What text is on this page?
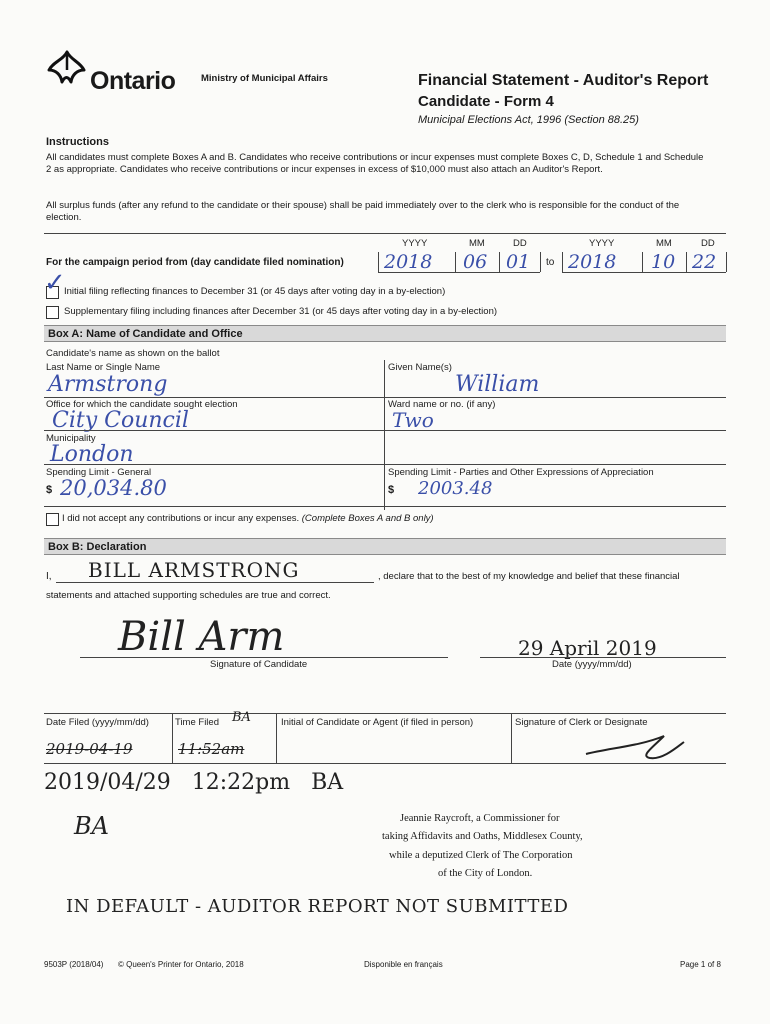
Ontario	Ministry of Municipal Affairs	Financial Statement - Auditor's Report
Candidate - Form 4
Municipal Elections Act, 1996 (Section 88.25)
Instructions
All candidates must complete Boxes A and B. Candidates who receive contributions or incur expenses must complete Boxes C, D, Schedule 1 and Schedule 2 as appropriate. Candidates who receive contributions or incur expenses in excess of $10,000 must also attach an Auditor's Report.
All surplus funds (after any refund to the candidate or their spouse) shall be paid immediately over to the clerk who is responsible for the conduct of the election.
YYYY	MM	DD	YYYY	MM	DD
For the campaign period from (day candidate filed nomination) 2018 06 01 to 2018 10 22
✓
Initial filing reflecting finances to December 31 (or 45 days after voting day in a by-election)
Supplementary filing including finances after December 31 (or 45 days after voting day in a by-election)
Box A: Name of Candidate and Office
Candidate's name as shown on the ballot
Last Name or Single Name	Given Name(s)
Armstrong	William
Office for which the candidate sought election	Ward name or no. (if any)
City Council	Two
Municipality
London
Spending Limit - General	Spending Limit - Parties and Other Expressions of Appreciation
$ 20,034.80	$ 2003.48
I did not accept any contributions or incur any expenses. (Complete Boxes A and B only)
Box B: Declaration
I, BILL ARMSTRONG	, declare that to the best of my knowledge and belief that these financial
statements and attached supporting schedules are true and correct.
Bill Arm
Signature of Candidate
29 April 2019
Date (yyyy/mm/dd)
Date Filed (yyyy/mm/dd)	Time Filed BA	Initial of Candidate or Agent (if filed in person)	Signature of Clerk or Designate
2019-04-19	11:52am
2019/04/29   12:22pm   BA
BA	Jeannie Raycroft, a Commissioner for
taking Affidavits and Oaths, Middlesex County,
while a deputized Clerk of The Corporation
of the City of London.
IN DEFAULT - AUDITOR REPORT NOT SUBMITTED
9503P (2018/04) © Queen's Printer for Ontario, 2018	Disponible en français	Page 1 of 8
